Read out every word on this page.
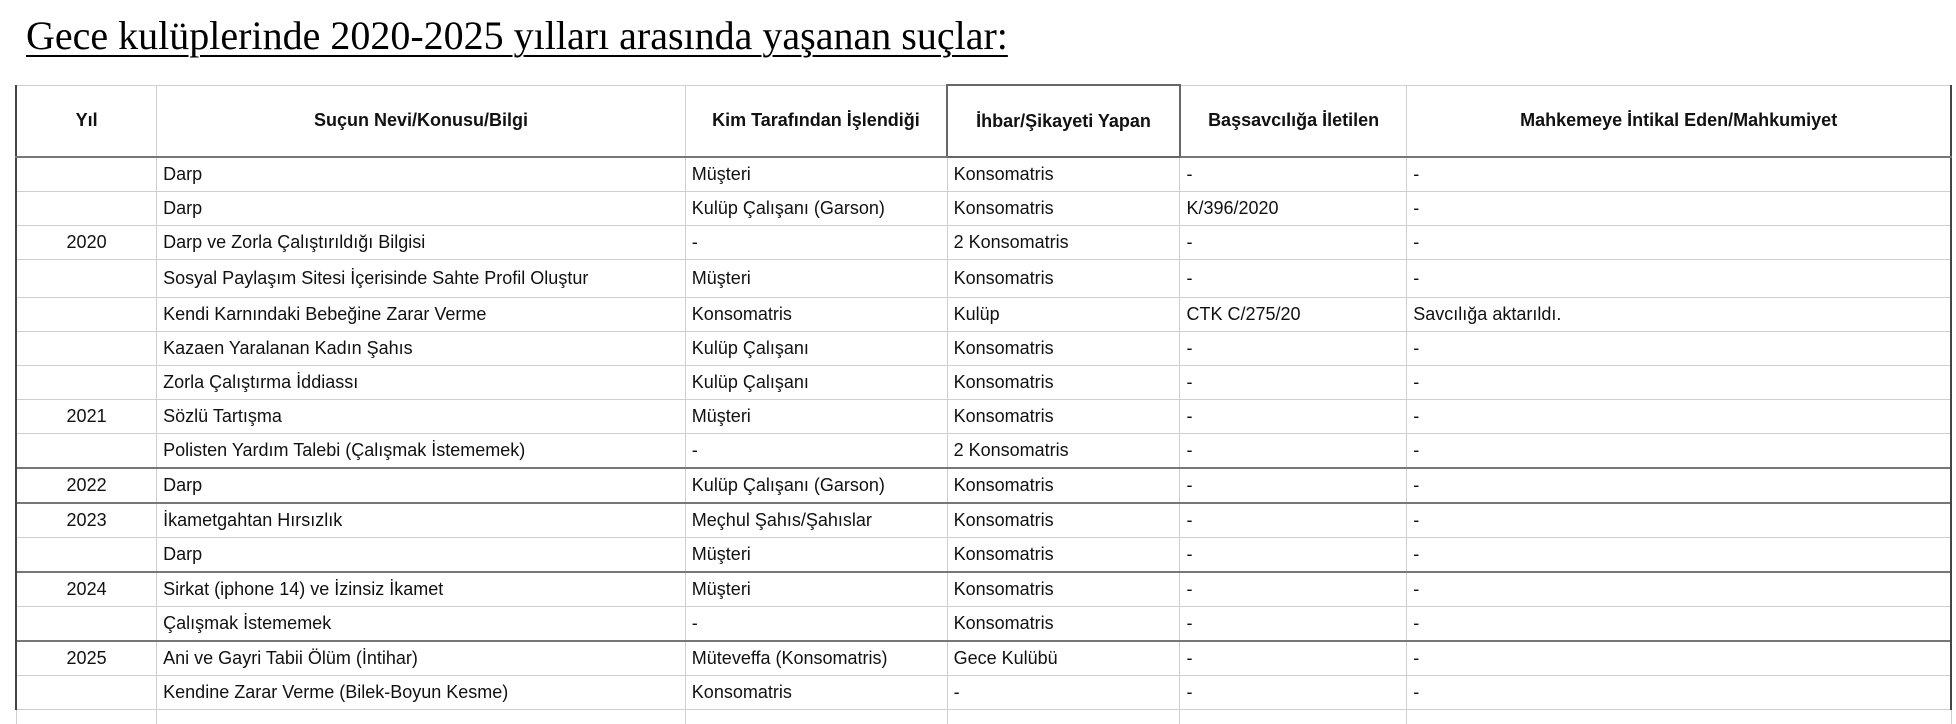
Gece kulüplerinde 2020-2025 yılları arasında yaşanan suçlar:
Yıl	Suçun Nevi/Konusu/Bilgi	Kim Tarafından İşlendiği	İhbar/Şikayeti Yapan	Başsavcılığa İletilen	Mahkemeye İntikal Eden/Mahkumiyet
	Darp	Müşteri	Konsomatris	-	-
	Darp	Kulüp Çalışanı (Garson)	Konsomatris	K/396/2020	-
2020	Darp ve Zorla Çalıştırıldığı Bilgisi	-	2 Konsomatris	-	-
	Sosyal Paylaşım Sitesi İçerisinde Sahte Profil Oluştur	Müşteri	Konsomatris	-	-
	Kendi Karnındaki Bebeğine Zarar Verme	Konsomatris	Kulüp	CTK C/275/20	Savcılığa aktarıldı.
	Kazaen Yaralanan Kadın Şahıs	Kulüp Çalışanı	Konsomatris	-	-
	Zorla Çalıştırma İddiassı	Kulüp Çalışanı	Konsomatris	-	-
2021	Sözlü Tartışma	Müşteri	Konsomatris	-	-
	Polisten Yardım Talebi (Çalışmak İstememek)	-	2 Konsomatris	-	-
2022	Darp	Kulüp Çalışanı (Garson)	Konsomatris	-	-
2023	İkametgahtan Hırsızlık	Meçhul Şahıs/Şahıslar	Konsomatris	-	-
	Darp	Müşteri	Konsomatris	-	-
2024	Sirkat (iphone 14) ve İzinsiz İkamet	Müşteri	Konsomatris	-	-
	Çalışmak İstememek	-	Konsomatris	-	-
2025	Ani ve Gayri Tabii Ölüm (İntihar)	Müteveffa (Konsomatris)	Gece Kulübü	-	-
	Kendine Zarar Verme (Bilek-Boyun Kesme)	Konsomatris	-	-	-
